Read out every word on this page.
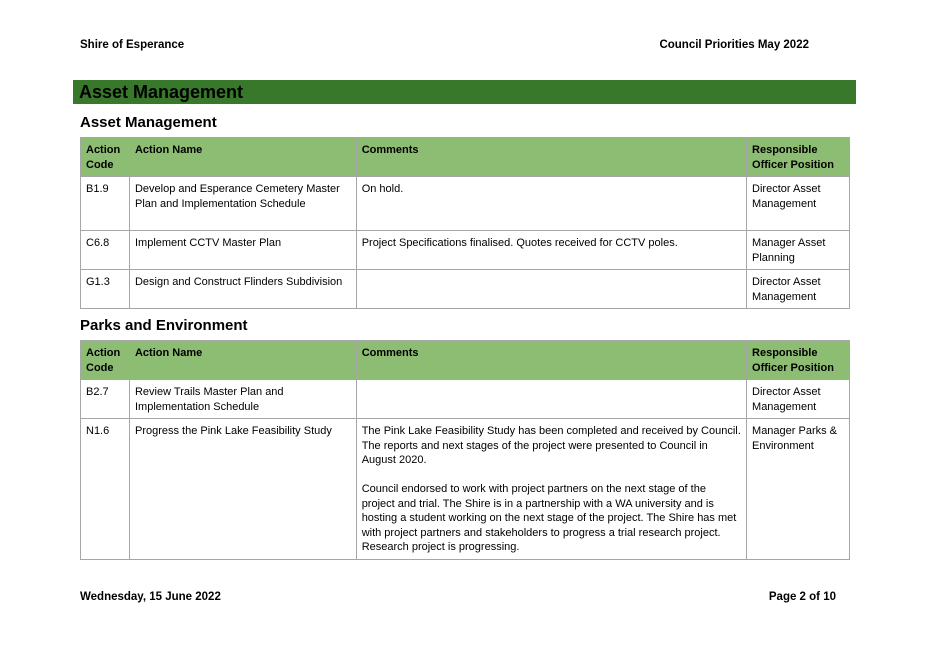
Shire of Esperance	Council Priorities May 2022
Asset Management
Asset Management
Action
Code	Action Name	Comments	Responsible
Officer Position
B1.9	Develop and Esperance Cemetery Master Plan and Implementation Schedule	On hold.	Director Asset Management
C6.8	Implement CCTV Master Plan	Project Specifications finalised. Quotes received for CCTV poles.	Manager Asset Planning
G1.3	Design and Construct Flinders Subdivision		Director Asset Management
Parks and Environment
Action
Code	Action Name	Comments	Responsible
Officer Position
B2.7	Review Trails Master Plan and Implementation Schedule		Director Asset Management
N1.6	Progress the Pink Lake Feasibility Study	The Pink Lake Feasibility Study has been completed and received by Council. The reports and next stages of the project were presented to Council in August 2020.

Council endorsed to work with project partners on the next stage of the project and trial. The Shire is in a partnership with a WA university and is hosting a student working on the next stage of the project. The Shire has met with project partners and stakeholders to progress a trial research project. Research project is progressing.	Manager Parks & Environment
Wednesday, 15 June 2022	Page 2 of 10
